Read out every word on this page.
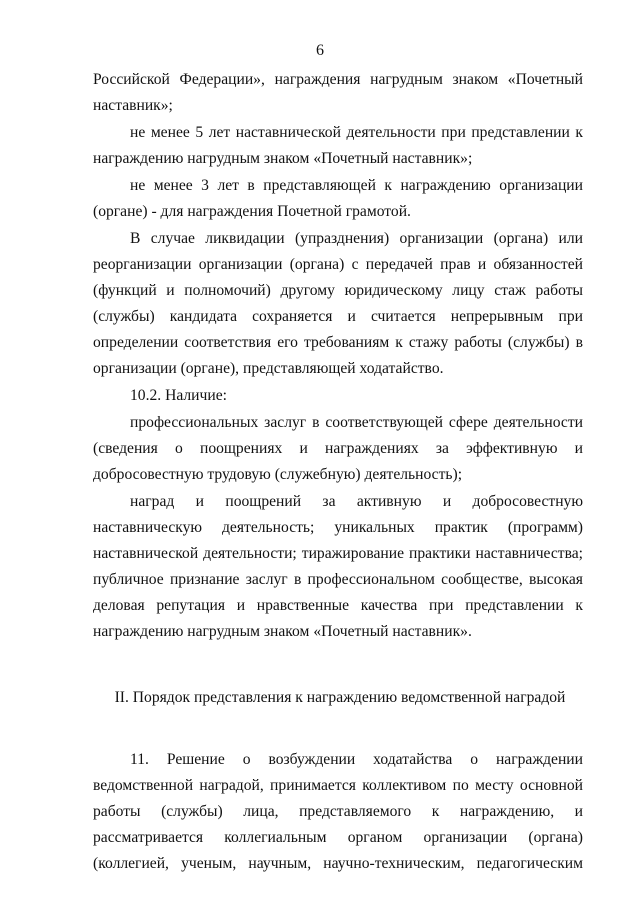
6

Российской Федерации», награждения нагрудным знаком «Почетный наставник»;

не менее 5 лет наставнической деятельности при представлении к награждению нагрудным знаком «Почетный наставник»;

не менее 3 лет в представляющей к награждению организации (органе) - для награждения Почетной грамотой.

В случае ликвидации (упразднения) организации (органа) или реорганизации организации (органа) с передачей прав и обязанностей (функций и полномочий) другому юридическому лицу стаж работы (службы) кандидата сохраняется и считается непрерывным при определении соответствия его требованиям к стажу работы (службы) в организации (органе), представляющей ходатайство.

10.2. Наличие:

профессиональных заслуг в соответствующей сфере деятельности (сведения о поощрениях и награждениях за эффективную и добросовестную трудовую (служебную) деятельность);

наград и поощрений за активную и добросовестную наставническую деятельность; уникальных практик (программ) наставнической деятельности; тиражирование практики наставничества; публичное признание заслуг в профессиональном сообществе, высокая деловая репутация и нравственные качества при представлении к награждению нагрудным знаком «Почетный наставник».

II. Порядок представления к награждению ведомственной наградой

11. Решение о возбуждении ходатайства о награждении ведомственной наградой, принимается коллективом по месту основной работы (службы) лица, представляемого к награждению, и рассматривается коллегиальным органом организации (органа) (коллегией, ученым, научным, научно-техническим, педагогическим
